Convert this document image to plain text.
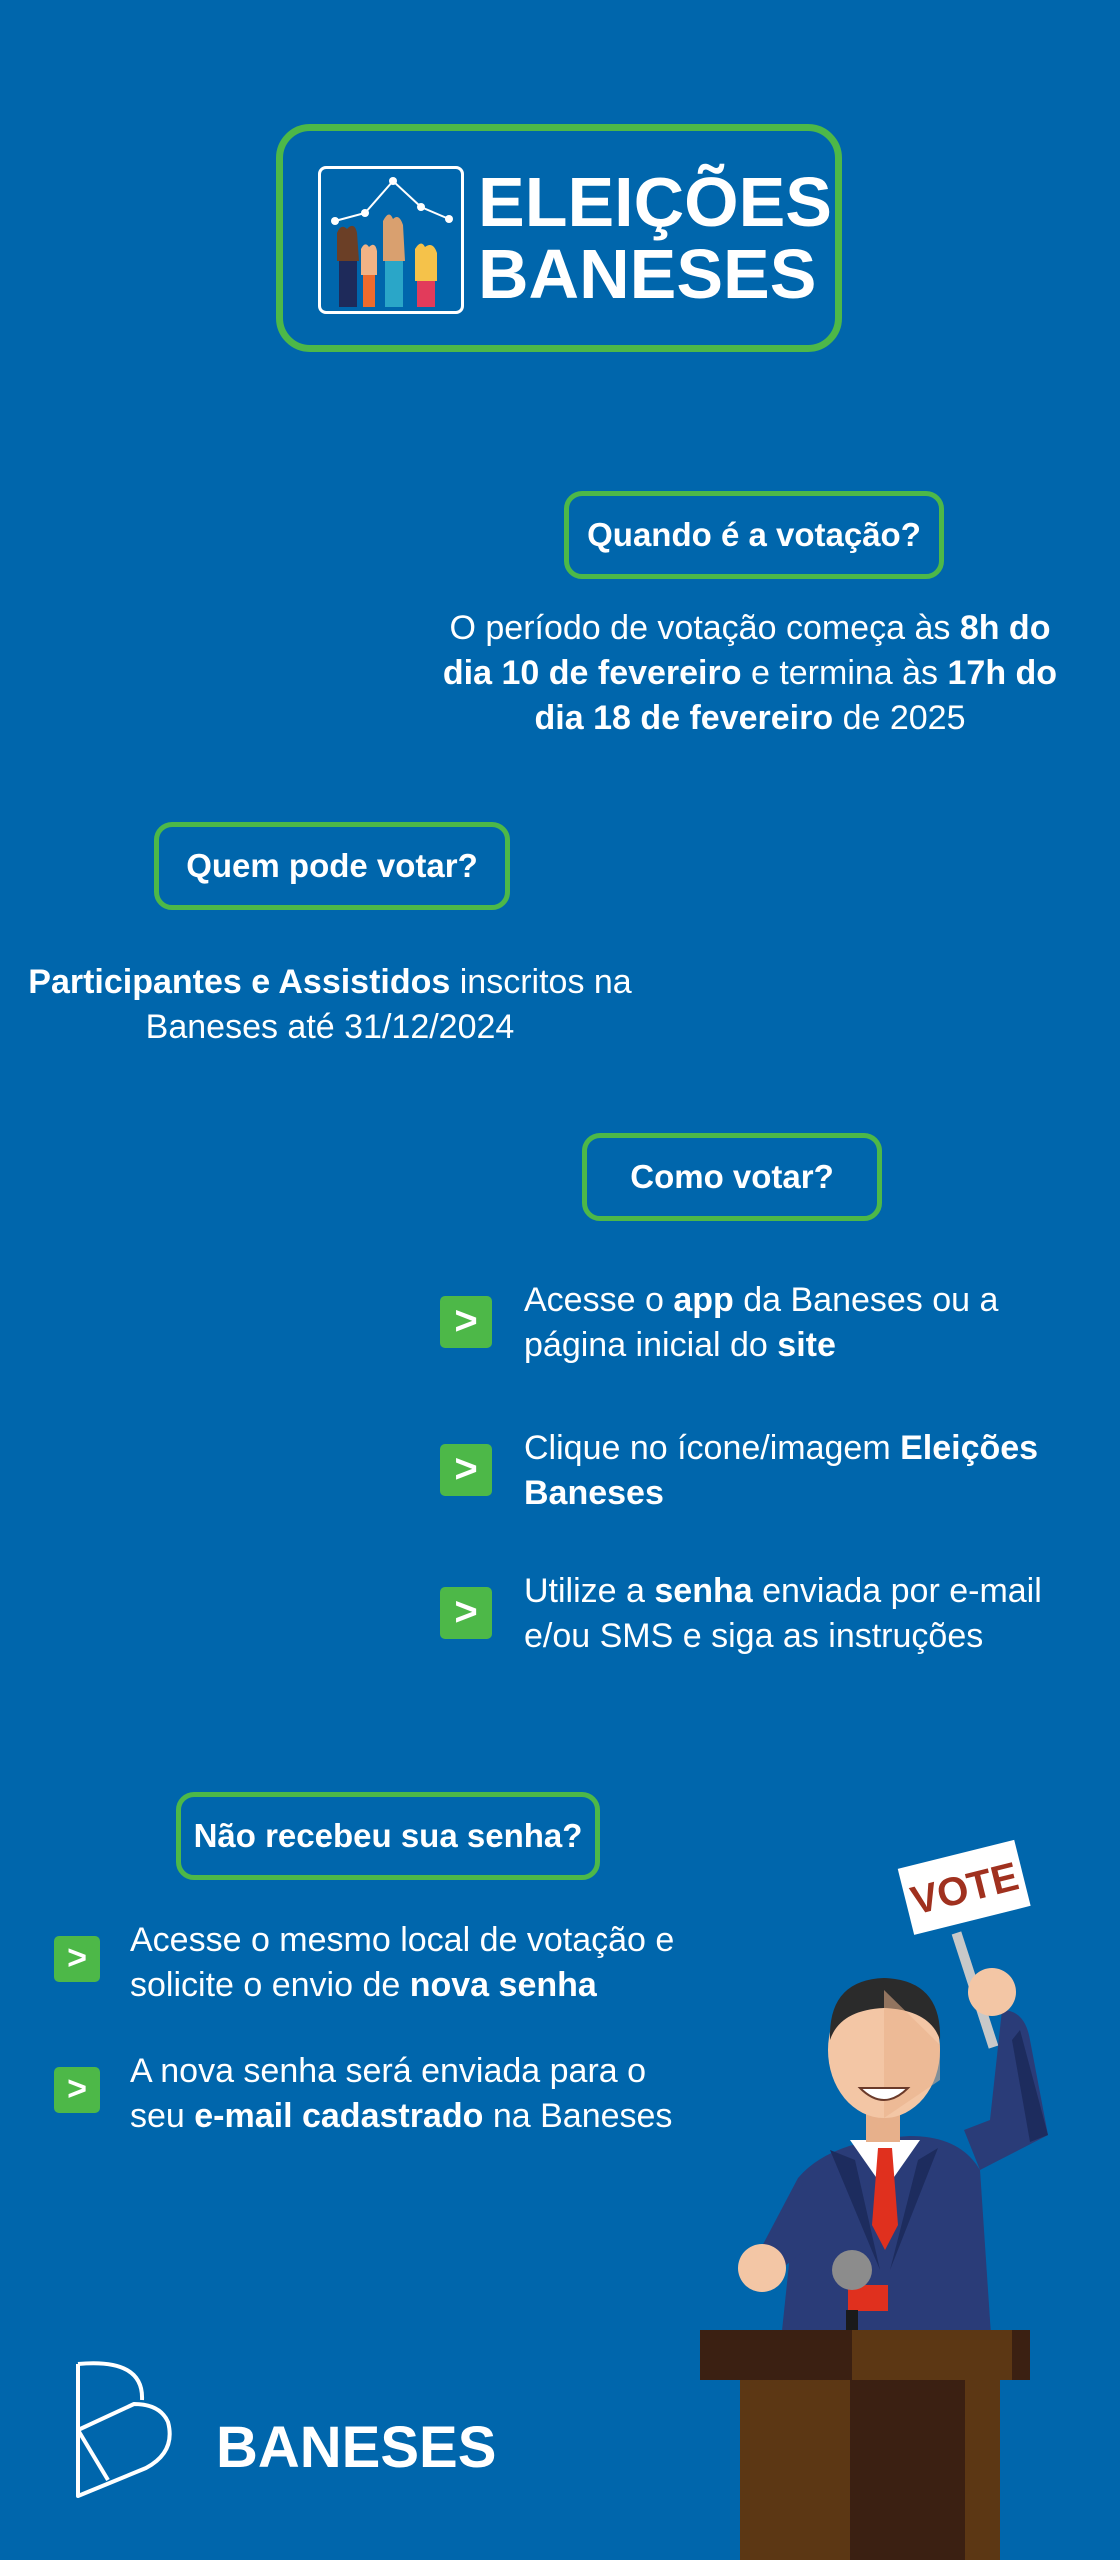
ELEIÇÕES
BANESES
Quando é a votação?
O período de votação começa às 8h do dia 10 de fevereiro e termina às 17h do dia 18 de fevereiro de 2025
Quem pode votar?
Participantes e Assistidos inscritos na Baneses até 31/12/2024
Como votar?
>	Acesse o app da Baneses ou a página inicial do site
>	Clique no ícone/imagem Eleições Baneses
>	Utilize a senha enviada por e-mail e/ou SMS e siga as instruções
Não recebeu sua senha?
>	Acesse o mesmo local de votação e solicite o envio de nova senha
>	A nova senha será enviada para o seu e-mail cadastrado na Baneses
VOTE
BANESES
